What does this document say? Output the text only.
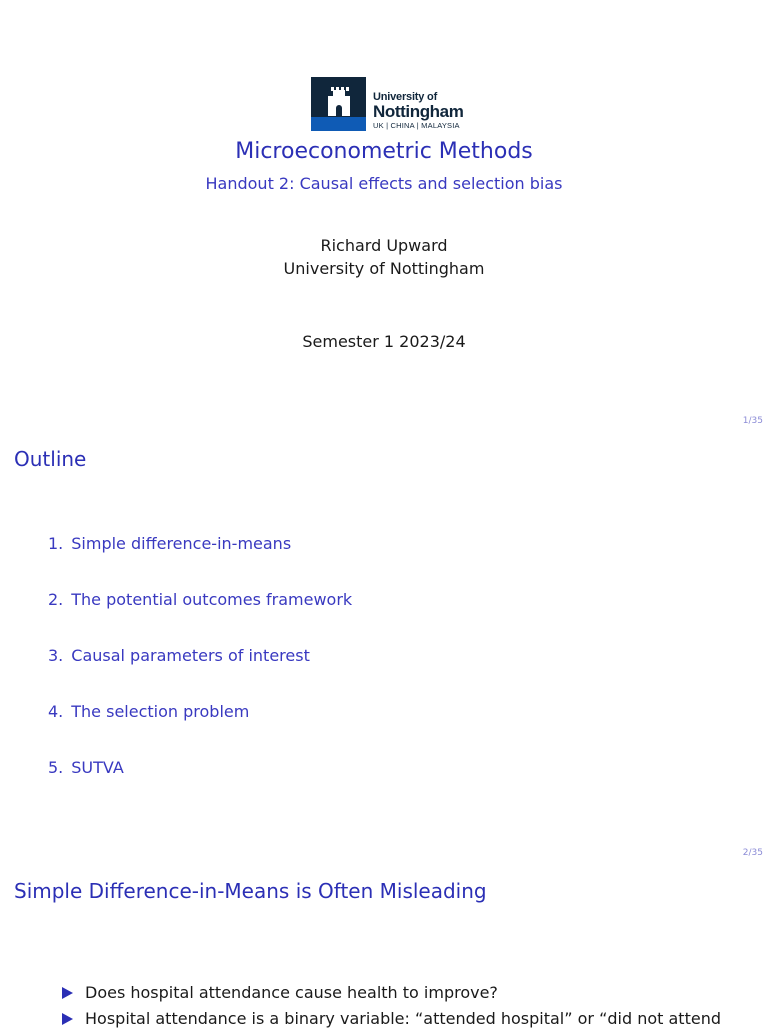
University of
Nottingham
UK | CHINA | MALAYSIA
Microeconometric Methods
Handout 2: Causal effects and selection bias
Richard Upward
University of Nottingham
Semester 1 2023/24
1/35
Outline
1. Simple difference-in-means
2. The potential outcomes framework
3. Causal parameters of interest
4. The selection problem
5. SUTVA
2/35
Simple Difference-in-Means is Often Misleading
Does hospital attendance cause health to improve?
Hospital attendance is a binary variable: “attended hospital” or “did not attend
